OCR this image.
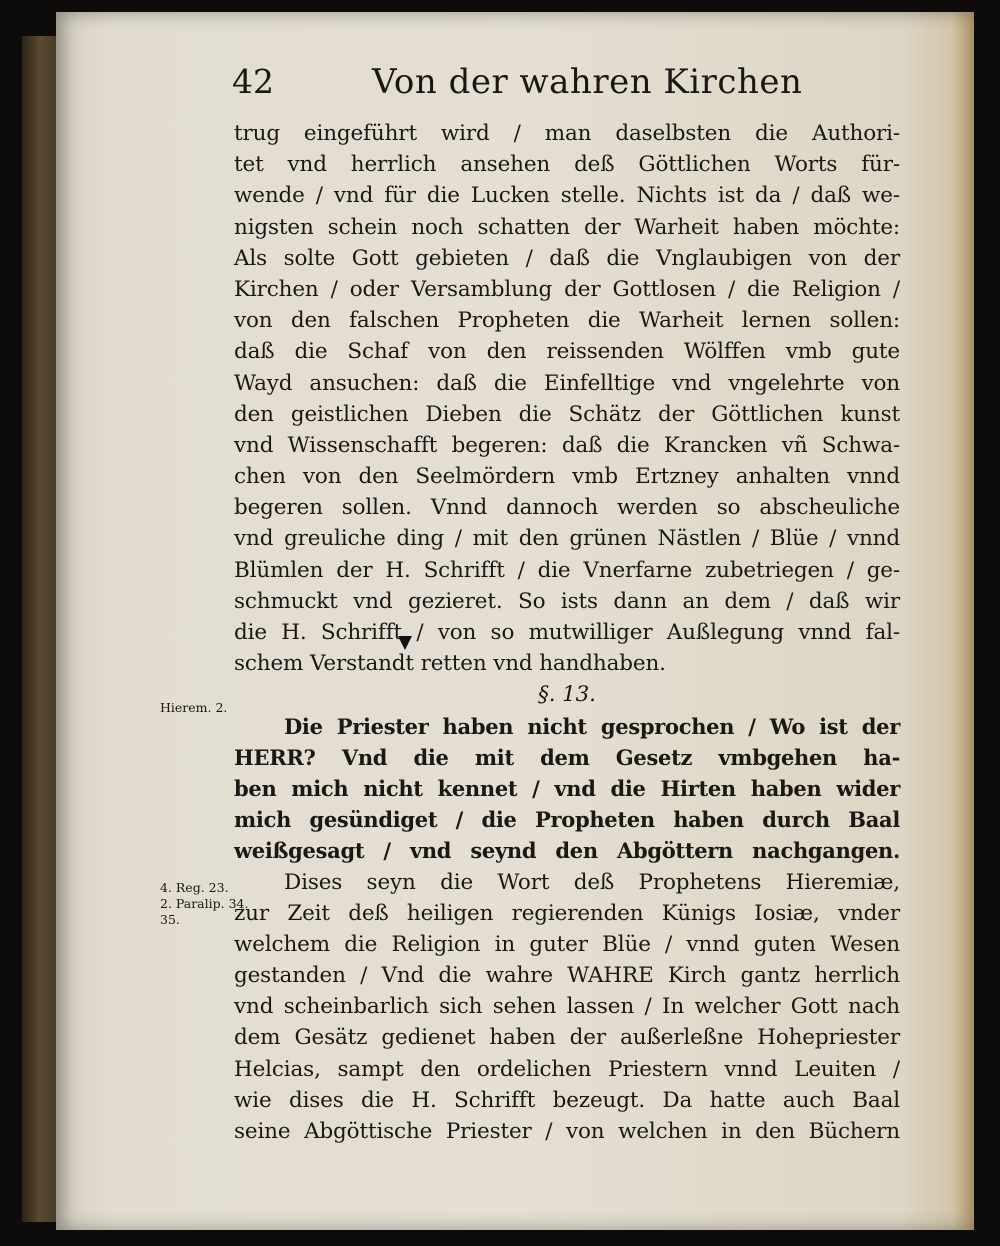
42	Von der wahren Kirchen
Hierem. 2.
4. Reg. 23.
2. Paralip. 34.
35.
trug eingeführt wird / man daselbsten die Authori-
tet vnd herrlich ansehen deß Göttlichen Worts für-
wende / vnd für die Lucken stelle. Nichts ist da / daß we-
nigsten schein noch schatten der Warheit haben möchte:
Als solte Gott gebieten / daß die Vnglaubigen von der
Kirchen / oder Versamblung der Gottlosen / die Religion /
von den falschen Propheten die Warheit lernen sollen:
daß die Schaf von den reissenden Wölffen vmb gute
Wayd ansuchen: daß die Einfelltige vnd vngelehrte von
den geistlichen Dieben die Schätz der Göttlichen kunst
vnd Wissenschafft begeren: daß die Krancken vñ Schwa-
chen von den Seelmördern vmb Ertzney anhalten vnnd
begeren sollen. Vnnd dannoch werden so abscheuliche
vnd greuliche ding / mit den grünen Nästlen / Blüe / vnnd
Blümlen der H. Schrifft / die Vnerfarne zubetriegen / ge-
schmuckt vnd gezieret. So ists dann an dem / daß wir
die H. Schrifft / von so mutwilliger Außlegung vnnd fal-
schem Verstandt retten vnd handhaben.
§. 13.
Die Priester haben nicht gesprochen / Wo ist der
HERR? Vnd die mit dem Gesetz vmbgehen ha-
ben mich nicht kennet / vnd die Hirten haben wider
mich gesündiget / die Propheten haben durch Baal
weißgesagt / vnd seynd den Abgöttern nachgangen.
Dises seyn die Wort deß Prophetens Hieremiæ,
zur Zeit deß heiligen regierenden Künigs Iosiæ, vnder
welchem die Religion in guter Blüe / vnnd guten Wesen
gestanden / Vnd die wahre WAHRE Kirch gantz herrlich
vnd scheinbarlich sich sehen lassen / In welcher Gott nach
dem Gesätz gedienet haben der außerleßne Hohepriester
Helcias, sampt den ordelichen Priestern vnnd Leuiten /
wie dises die H. Schrifft bezeugt. Da hatte auch Baal
seine Abgöttische Priester / von welchen in den Büchern
